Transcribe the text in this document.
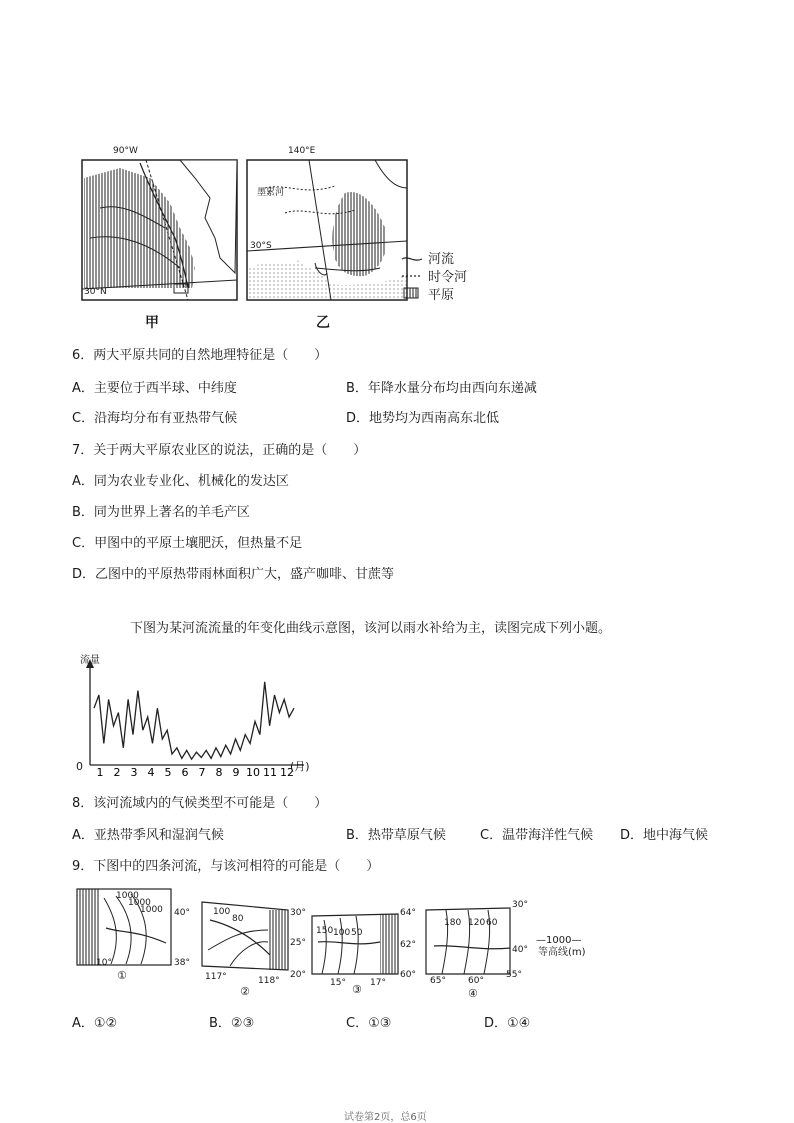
90°W
30°N
甲
140°E
墨累河
30°S
乙
河流
时令河
平原
6．两大平原共同的自然地理特征是（　　）
A．主要位于西半球、中纬度	B．年降水量分布均由西向东递减
C．沿海均分布有亚热带气候	D．地势均为西南高东北低
7．关于两大平原农业区的说法，正确的是（　　）
A．同为农业专业化、机械化的发达区
B．同为世界上著名的羊毛产区
C．甲图中的平原土壤肥沃，但热量不足
D．乙图中的平原热带雨林面积广大，盛产咖啡、甘蔗等
下图为某河流流量的年变化曲线示意图，该河以雨水补给为主，读图完成下列小题。
1 2 3 4 5 6 7 8 9 10 11 12
流量
0	(月)
8．该河流域内的气候类型不可能是（　　）
A．亚热带季风和湿润气候	B．热带草原气候	C．温带海洋性气候 D．地中海气候
9．下图中的四条河流，与该河相符的可能是（　　）
1000
1000
1000 40°
38°
10°
①
100
80
30°
25°
20°
117°	118°
②
150 100 50
64°
62°
60°
15°	17°
③
180 120 60
30°
40°
65° 60°
55°
④
—1000—
等高线(m)
A．①②	B．②③	C．①③	D．①④
试卷第2页，总6页
